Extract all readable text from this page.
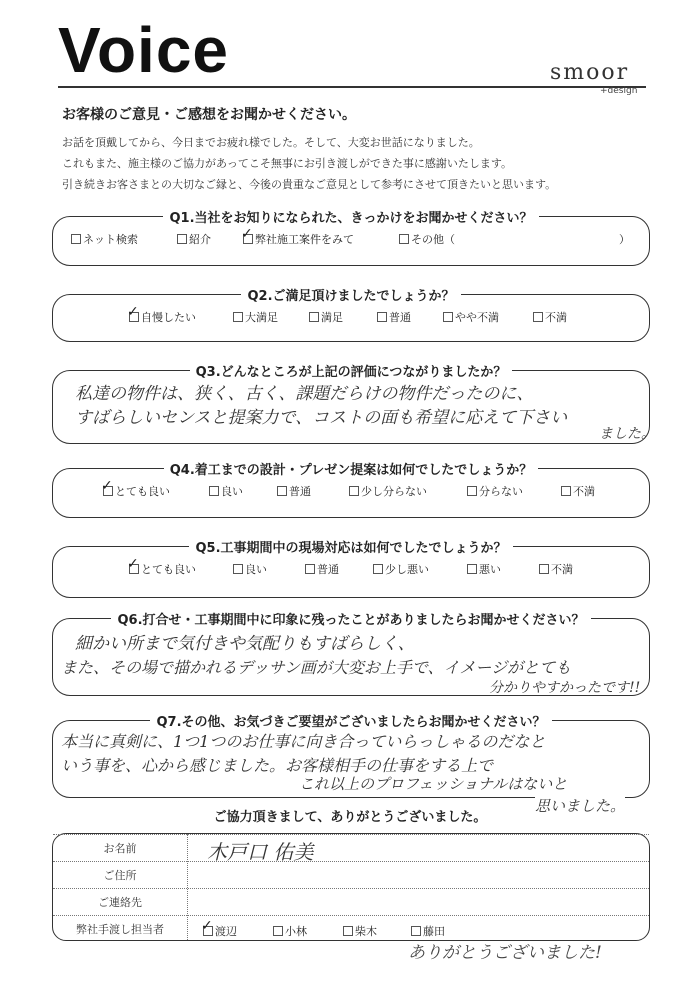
Voice	smoor
+design
お客様のご意見・ご感想をお聞かせください。
お話を頂戴してから、今日までお疲れ様でした。そして、大変お世話になりました。
これもまた、施主様のご協力があってこそ無事にお引き渡しができた事に感謝いたします。
引き続きお客さまとの大切なご縁と、今後の貴重なご意見として参考にさせて頂きたいと思います。
Q1.当社をお知りになられた、きっかけをお聞かせください？
ネット検索	紹介 ✓	弊社施工案件をみて	その他（	）
Q2.ご満足頂けましたでしょうか？
✓自慢したい	大満足	満足	普通	やや不満	不満
Q3.どんなところが上記の評価につながりましたか？
私達の物件は、狭く、古く、課題だらけの物件だったのに、
すばらしいセンスと提案力で、コストの面も希望に応えて下さい
ました。
Q4.着工までの設計・プレゼン提案は如何でしたでしょうか？
✓とても良い	良い	普通	少し分らない	分らない	不満
Q5.工事期間中の現場対応は如何でしたでしょうか？
✓とても良い	良い	普通	少し悪い	悪い	不満
Q6.打合せ・工事期間中に印象に残ったことがありましたらお聞かせください？
細かい所まで気付きや気配りもすばらしく、
また、その場で描かれるデッサン画が大変お上手で、イメージがとても
分かりやすかったです!!
Q7.その他、お気づきご要望がございましたらお聞かせください？
本当に真剣に、1つ1つのお仕事に向き合っていらっしゃるのだなと
いう事を、心から感じました。お客様相手の仕事をする上で
これ以上のプロフェッショナルはないと
思いました。
ご協力頂きまして、ありがとうございました。
お名前	木戸口 佑美
ご住所
ご連絡先
弊社手渡し担当者 ✓	渡辺	小林	柴木	藤田
ありがとうございました!
